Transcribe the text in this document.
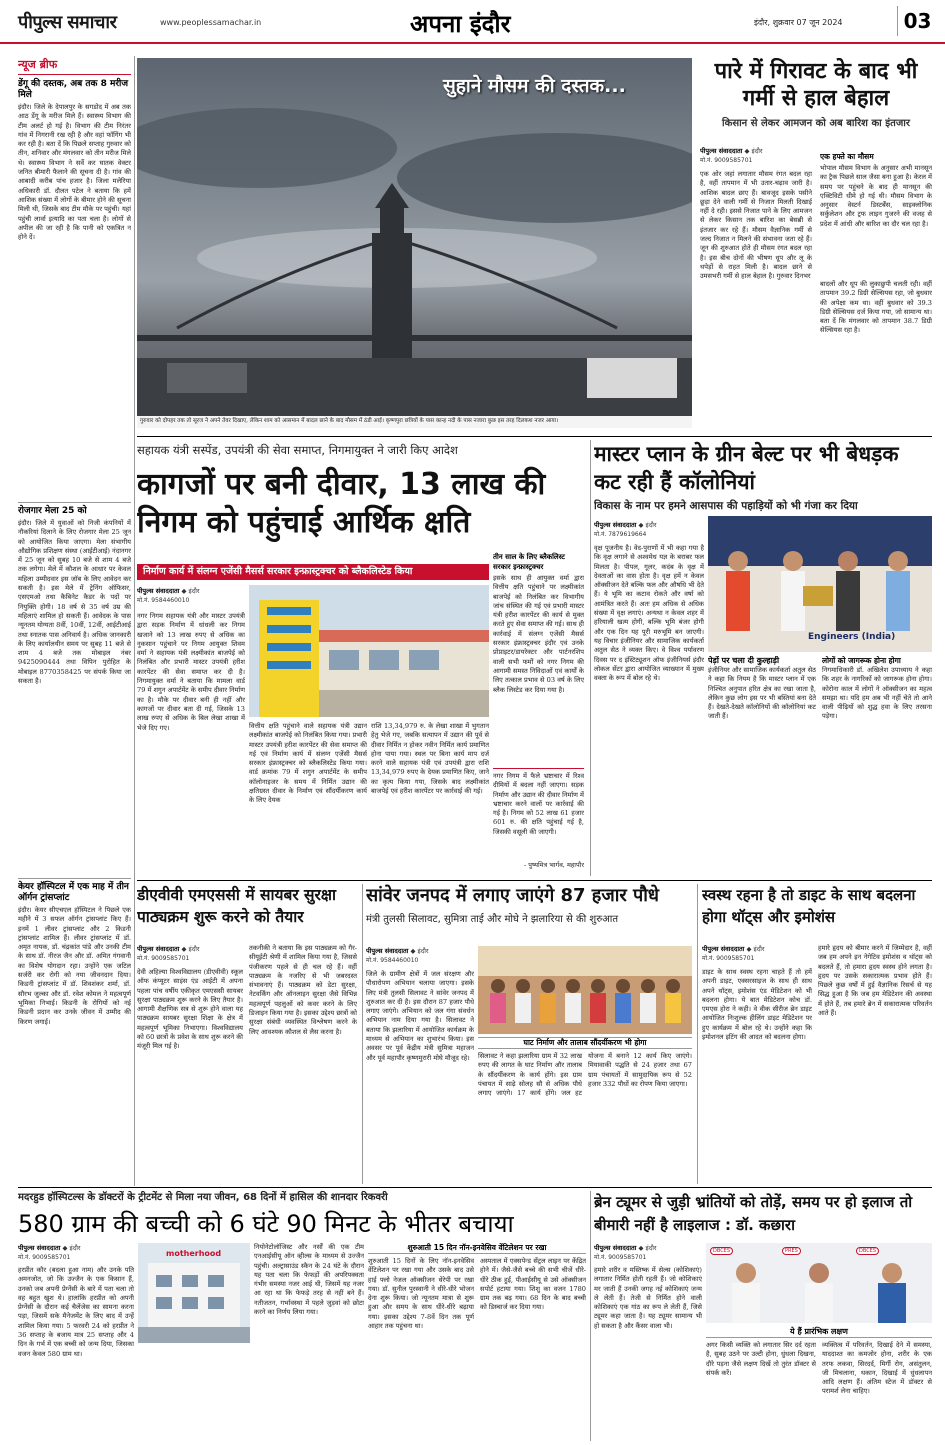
पीपुल्स समाचार	www.peoplessamachar.in	अपना इंदौर	इंदौर, शुक्रवार 07 जून 2024	03
न्यूज ब्रीफ
डेंगू की दस्तक, अब तक 8 मरीज मिले
इंदौर। जिले के देपालपुर के सगडोद में अब तक आठ डेंगू के मरीज मिले हैं। स्वास्थ्य विभाग की टीम अलर्ट हो गई है। विभाग की टीम निरंतर गांव में निगरानी रख रही है और वहां फॉगिंग भी कर रही है। बता दें कि पिछले सप्ताह गुरुवार को तीन, शनिवार और मंगलवार को तीन मरीज मिले थे। स्वास्थ्य विभाग ने सर्वे कर घातक वेक्टर जनित बीमारी फैलाने की सूचना दी है। गांव की आबादी करीब पांच हजार है। जिला मलेरिया अधिकारी डॉ. दौलत पटेल ने बताया कि हमें आशिक संख्या में लोगों के बीमार होने की सूचना मिली थी, जिसके बाद टीम मौके पर पहुंची। यहां पहुंची लार्वा इत्यादि का पता चला है। लोगों से अपील की जा रही है कि पानी को एकत्रित न होने दें।
रोजगार मेला 25 को
इंदौर। जिले में युवाओं को निजी कंपनियों में नौकरियां दिलाने के लिए रोजगार मेला 25 जून को आयोजित किया जाएगा। मेला संभागीय औद्योगिक प्रशिक्षण संस्था (आईटीआई) नंदानगर में 25 जून को सुबह 10 बजे से शाम 4 बजे तक लगेगा। मेले में कौशल के आधार पर केवल महिला उम्मीदवार इस जॉब के लिए आवेदन कर सकती है। इस मेले में ट्रेनिंग ऑफिसर, एसएमओ तथा कैबिनेट कैडर के पदों पर नियुक्ति होगी। 18 वर्ष से 35 वर्ष उम्र की महिलाएं शामिल हो सकती हैं। आवेदक के पास न्यूनतम योग्यता 8वीं, 10वीं, 12वीं, आईटीआई तथा स्नातक पास अनिवार्य है। अधिक जानकारी के लिए कार्यालयीन समय पर सुबह 11 बजे से शाम 4 बजे तक मोबाइल नंबर 9425090444 तथा विपिन पुरोहित के मोबाइल 8770358425 पर संपर्क किया जा सकता है।
केयर हॉस्पिटल में एक माह में तीन ऑर्गन ट्रांसप्लांट
इंदौर। केयर सीएचएल हॉस्पिटल ने पिछले एक महीने में 3 सफल ऑर्गन ट्रांसप्लांट किए हैं। इनमें 1 लीवर ट्रांसप्लांट और 2 किडनी ट्रांसप्लांट शामिल हैं। लीवर ट्रांसप्लांट में डॉ. अमृत नायक, डॉ. चंद्रकांत पांडे और उनकी टीम के साथ डॉ. नीरज जैन और डॉ. अमित गंगवानी का विशेष योगदान रहा। उन्होंने एक जटिल सर्जरी कर रोगी को नया जीवनदान दिया। किडनी ट्रांसप्लांट में डॉ. शिवशंकर शर्मा, डॉ. सौरभ जुल्का और डॉ. रवेश कोमल ने महत्वपूर्ण भूमिका निभाई। किडनी के रोगियों को नई किडनी प्रदान कर उनके जीवन में उम्मीद की किरण जगाई।
सुहाने मौसम की दस्तक...
गुरुवार को दोपहर तक तो सूरज ने अपने तेवर दिखाए, लेकिन शाम को आसमान में बादल छाने के बाद मौसम में ठंडी आई। कृष्णपुरा छत्रियों के पास कान्ह नदी के पास नजारा कुछ इस तरह दिलकश नजर आया।
पारे में गिरावट के बाद भी गर्मी से हाल बेहाल
किसान से लेकर आमजन को अब बारिश का इंतजार
पीपुल्स संवाददाता ◆ इंदौर
मो.नं. 9009585701
एक ओर जहां लगातार मौसम रंगत बदल रहा है, वहीं तापमान में भी उतार-चढ़ाव जारी है। आशिक बादल छाए हैं। बावजूद इसके पसीने छूड़ा देने वाली गर्मी से निजात मिलती दिखाई नहीं दे रही। इससे निजात पाने के लिए आमजन से लेकर किसान तक बारिश का बेसब्री से इंतजार कर रहे हैं। मौसम वैज्ञानिक गर्मी से जल्द निजात न मिलने की संभावना जता रहे हैं। जून की शुरुआत होते ही मौसम रंगत बदल रहा है। इस बीच दोनों की भीषण धूप और लू के थपेड़ों से राहत मिली है। बादल छाने से उमसभरी गर्मी से हाल बेहाल है। गुरुवार दिनभर
एक हफ्ते का मौसम
भोपाल मौसम विभाग के अनुसार अभी मानसून का ट्रैक पिछले साल जैसा बना हुआ है। केरल में समय पर पहुंचने के बाद ही मानसून की एक्टिविटी धीमे हो गई थी। मौसम विभाग के अनुसार वेस्टर्न डिस्टर्बेंस, साइक्लोनिक सर्कुलेशन और ट्रफ लाइन गुजरने की वजह से प्रदेश में आंधी और बारिश का दौर चल रहा है।
बादलों और धूप की लुकाछुपी चलती रही। वहीं तापमान 39.2 डिग्री सेल्सियस रहा, जो बुधवार की अपेक्षा कम था। वहीं बुधवार को 39.3 डिग्री सेल्सियस दर्ज किया गया, जो सामान्य था। बता दें कि मंगलवार को तापमान 38.7 डिग्री सेल्सियस रहा है।
सहायक यंत्री सस्पेंड, उपयंत्री की सेवा समाप्त, निगमायुक्त ने जारी किए आदेश
कागजों पर बनी दीवार, 13 लाख की निगम को पहुंचाई आर्थिक क्षति
निर्माण कार्य में संलग्न एजेंसी मैसर्स सरकार इन्फ्रास्ट्रक्चर को ब्लैकलिस्टेड किया
पीपुल्स संवाददाता ◆ इंदौर
मो.नं. 9584460010
नगर निगम सहायक यंत्री और मास्टर उपयंत्री द्वारा सड़क निर्माण में धांधली कर निगम खजाने को 13 लाख रुपए से अधिक का नुकसान पहुंचाने पर निगम आयुक्त शिवम वर्मा ने सहायक यंत्री लक्ष्मीकांत बाजपेई को निलंबित और प्रभारी मास्टर उपयंत्री हरीश कारपेंटर की सेवा समाप्त कर दी है। निगमायुक्त वर्मा ने बताया कि मामला वार्ड 79 में शगुन अपार्टमेंट के समीप दीवार निर्माण का है। मौके पर दीवार बनी ही नहीं और कागजों पर दीवार बता दी गई, जिसके 13 लाख रुपए से अधिक के बिल लेखा शाखा में भेजे दिए गए।	वित्तीय क्षति पहुंचाने वाले सहायक यंत्री उद्यान लक्ष्मीकांत बाजपेई को निलंबित किया गया। प्रभारी मास्टर उपयंत्री हरीश कारपेंटर की सेवा समाप्त की गई एवं निर्माण कार्य में संलग्न एजेंसी मैसर्स सरकार इंफ्रास्ट्रक्चर को ब्लैकलिस्टेड किया गया। वार्ड क्रमांक 79 में शगुन अपार्टमेंट के समीप कॉलोनाइजर के समय में निर्मित उद्यान की क्षतिग्रस्त दीवार के निर्माण एवं सौंदर्यीकरण कार्य के लिए देयक
राशि 13,34,979 रु. के लेखा शाखा में भुगतान हेतु भेजे गए, जबकि सत्यापन में उद्यान की पूर्व से दीवार निर्मित न होकर नवीन निर्मित कार्य प्रमाणित होना पाया गया। स्थल पर बिना कार्य माप दर्ज करने वाले सहायक यंत्री एवं उपयंत्री द्वारा राशि 13,34,979 रुपए के देयक प्रमाणित किए, जाने का कृत्य किया गया, जिसके बाद लक्ष्मीकांत बाजपेई एवं हरीश कारपेंटर पर कार्रवाई की गई।
तीन साल के लिए ब्लैकलिस्ट सरकार इन्फ्रास्ट्रक्चर
इसके साथ ही आयुक्त वर्मा द्वारा वित्तीय क्षति पहुंचाने पर लक्ष्मीकांत बाजपेई को निलंबित कर विभागीय जांच संस्थित की गई एवं प्रभारी मास्टर यंत्री हरीश कारपेंटर की कार्य से मुक्त करते हुए सेवा समाप्त की गई। साथ ही कार्रवाई में संलग्न एजेंसी मैसर्स सरकार इंफ्रास्ट्रक्चर इंदौर एवं उनके प्रोप्राइटर/डायरेक्टर और पार्टनरशिप वाली सभी फर्मों को नगर निगम की आगामी समस्त निविदाओं एवं कार्यों के लिए तत्काल प्रभाव से 03 वर्ष के लिए ब्लैक लिस्टेड कर दिया गया है।
नगर निगम में फैले भ्रष्टाचार में रिश्व दीमियों में बदला नहीं जाएगा। सड़क निर्माण और उद्यान की दीवार निर्माण में भ्रष्टाचार करने वालों पर कार्रवाई की गई है। निगम को 52 लाख 61 हजार 601 रु. की क्षति पहुंचाई गई है, जिसकी वसूली की जाएगी।
- पुष्यमित्र भार्गव, महापौर
मास्टर प्लान के ग्रीन बेल्ट पर भी बेधड़क कट रही हैं कॉलोनियां
विकास के नाम पर हमने आसपास की पहाड़ियों को भी गंजा कर दिया
पीपुल्स संवाददाता ◆ इंदौर
मो.नं. 7879619664
वृक्ष पूजनीय है। वेद-पुराणों में भी कहा गया है कि वृक्ष लगाने से अश्वमेध यज्ञ के बराबर फल मिलता है। पीपल, गूलर, कदंब के वृक्ष में देवताओं का वास होता है। वृक्ष हमें न केवल ऑक्सीजन देते बल्कि फल और औषधि भी देते हैं। ये भूमि का कटाव रोकते और वर्षा को आमंत्रित करते हैं। अतः हम अधिक से अधिक संख्या में वृक्ष लगाएं। अन्यथा न केवल शहर में हरियाली खत्म होगी, बल्कि भूमि बंजर होगी और एक दिन यह पूरी मरुभूमि बन जाएगी। यह विचार इंजीनियर और सामाजिक कार्यकर्ता अतुल सेठ ने व्यक्त किए। वे विश्व पर्यावरण दिवस पर द इंस्टिट्यूशन ऑफ इंजीनियर्स इंदौर लोकल सेंटर द्वारा आयोजित व्याख्यान में मुख्य वक्ता के रूप में बोल रहे थे।
Engineers (India)
पेड़ों पर चला दी कुल्हाड़ी
इंजीनियर और सामाजिक कार्यकर्ता अतुल सेठ ने कहा कि नियम है कि मास्टर प्लान में एक निश्चित अनुपात हरित क्षेत्र का रखा जाता है, लेकिन कुछ लोग इस पर भी बस्तियां बना देते हैं। देखते-देखते कॉलोनियों की कॉलोनियां कट जाती हैं।
लोगों को जागरूक होना होगा
निगमाधिकारी डॉ. अखिलेश उपाध्याय ने कहा कि शहर के नागरिकों को जागरूक होना होगा। कोरोना काल में लोगों ने ऑक्सीजन का महत्व समझा था। यदि हम अब भी नहीं चेते तो आने वाली पीढ़ियों को शुद्ध हवा के लिए तरसना पड़ेगा।
डीएवीवी एमएससी में सायबर सुरक्षा पाठ्यक्रम शुरू करने को तैयार
पीपुल्स संवाददाता ◆ इंदौर
मो.नं. 9009585701
देवी अहिल्या विश्वविद्यालय (डीएवीवी) स्कूल ऑफ कंप्यूटर साइंस एंड आईटी में अपना पहला पांच वर्षीय एकीकृत एमएससी सायबर सुरक्षा पाठ्यक्रम शुरू करने के लिए तैयार है। आगामी शैक्षणिक सत्र से शुरू होने वाला यह पाठ्यक्रम सायबर सुरक्षा शिक्षा के क्षेत्र में महत्वपूर्ण भूमिका निभाएगा। विश्वविद्यालय को 60 छात्रों के प्रवेश के साथ शुरू करने की मंजूरी मिल गई है।
तकनीकी ने बताया कि इस पाठ्यक्रम को गैर-सीयूईटी श्रेणी में शामिल किया गया है, जिससे पंजीकरण पहले से ही चल रहे हैं। वहीं पाठ्यक्रम के नजरिए से भी जबरदस्त संभावनाएं हैं। पाठ्यक्रम को डेटा सुरक्षा, नेटवर्किंग और ऑनलाइन सुरक्षा जैसे विभिन्न महत्वपूर्ण पहलुओं को कवर करने के लिए डिजाइन किया गया है। इसका उद्देश्य छात्रों को सुरक्षा संबंधी व्यवस्थित विश्लेषण करने के लिए आवश्यक कौशल से लैस करना है।
सांवेर जनपद में लगाए जाएंगे 87 हजार पौधे
मंत्री तुलसी सिलावट, सुमित्रा ताई और मोघे ने झलारिया से की शुरुआत
पीपुल्स संवाददाता ◆ इंदौर
मो.नं. 9584460010
जिले के ग्रामीण क्षेत्रों में जल संरक्षण और पौधारोपण अभियान चलाया जाएगा। इसके लिए मंत्री तुलसी सिलावट ने सांवेर जनपद में शुरुआत कर दी है। इस दौरान 87 हजार पौधे लगाए जाएंगे। अभियान को जल गंगा संवर्धन अभियान नाम दिया गया है। सिलावट ने बताया कि झलारिया में आयोजित कार्यक्रम के माध्यम से अभियान का शुभारंभ किया। इस अवसर पर पूर्व केंद्रीय मंत्री सुमित्रा महाजन और पूर्व महापौर कृष्णमुरारी मोघे मौजूद रहे।
घाट निर्माण और तालाब सौंदर्यीकरण भी होगा
सिलावट ने कहा झलारिया ग्राम में 32 लाख रुपए की लागत के घाट निर्माण और तालाब के सौंदर्यीकरण के कार्य होंगे। इस ग्राम पंचायत में साढ़े सोलह सौ से अधिक पौधे लगाए जाएंगे। 17 कार्य होंगे। जल हट योजना में बनाने 12 कार्य किए जाएंगे। मियावाकी पद्धति से 24 हजार तथा 67 ग्राम पंचायतों में सामुदायिक रूप से 52 हजार 332 पौधों का रोपण किया जाएगा।
स्वस्थ रहना है तो डाइट के साथ बदलना होगा थॉट्स और इमोशंस
पीपुल्स संवाददाता ◆ इंदौर
मो.नं. 9009585701
डाइट के साथ स्वस्थ रहना चाहते हैं तो हमें अपनी डाइट, एक्सरसाइज के साथ ही साथ अपने थॉट्स, इमोशंस एंड मेडिटेशन को भी बदलना होगा। ये बात मेडिटेशन कोच डॉ. एमएस होरा ने कही। वे वीक सीरीज ब्रेन डाइट आयोजित निःशुल्क हीलिंग डाइट मेडिटेशन पर हुए कार्यक्रम में बोल रहे थे। उन्होंने कहा कि इमोशनल इटिंग की आदत को बदलना होगा।
हमारे हृदय को बीमार करने में जिम्मेदार है, वहीं जब हम अपने इन नेगेटिव इमोशंस व थॉट्स को बदलते हैं, तो हमारा हृदय स्वस्थ होने लगता है। हृदय पर उसके सकारात्मक प्रभाव होते हैं। पिछले कुछ वर्षों में हुई वैज्ञानिक रिसर्च से यह सिद्ध हुआ है कि जब हम मेडिटेशन की अवस्था में होते हैं, तब हमारे ब्रेन में सकारात्मक परिवर्तन आते हैं।
मदरहुड हॉस्पिटल्स के डॉक्टरों के ट्रीटमेंट से मिला नया जीवन, 68 दिनों में हासिल की शानदार रिकवरी
580 ग्राम की बच्ची को 6 घंटे 90 मिनट के भीतर बचाया
पीपुल्स संवाददाता ◆ इंदौर
मो.नं. 9009585701
हरप्रीत कौर (बदला हुआ नाम) और उनके पति अमनजोत, जो कि उज्जैन के एक किसान हैं, उनको जब अपनी प्रेग्नेंसी के बारे में पता चला तो वह बहुत खुश थे। हालांकि हरप्रीत को अपनी प्रेग्नेंसी के दौरान कई चैलेंजेस का सामना करना पड़ा, जिसमें सके मैनेजमेंट के लिए बाद में उन्हें शामिल किया गया। 5 फरवरी 24 को हरप्रीत ने 36 सप्ताह के बजाय मात्र 25 सप्ताह और 4 दिन के गर्भ में एक बच्ची को जन्म दिया, जिसका वजन केवल 580 ग्राम था।
motherhood
नियोनेटोलॉजिस्ट और नर्सों की एक टीम एनआईसीयू ऑन व्हील्स के माध्यम से उज्जैन पहुंची। अल्ट्रासाउंड स्कैन के 24 घंटे के दौरान यह पता चला कि फेफड़ों की अपरिपक्वता गंभीर समस्या नजर आई थी, जिसमें यह नजर आ रहा था कि फेफड़े तरह से नहीं बने हैं। नतीजतन, गर्भावस्था में पहले जुड़वां को छोटा करने का निर्णय लिया गया।
शुरुआती 15 दिन नॉन-इनवेसिव वेंटिलेशन पर रखा
शुरुआती 15 दिनों के लिए नॉन-इनवेसिव वेंटिलेशन पर रखा गया और उसके बाद उसे हाई फ्लो नेजल ऑक्सीजन थेरेपी पर रखा गया। डॉ. सुनील पुरस्वानी ने धीरे-धीरे भोजन देना शुरू किया। जो न्यूनतम मात्रा से शुरू हुआ और समय के साथ धीरे-धीरे बढ़ाया गया। इसका उद्देश्य 7-8वें दिन तक पूर्ण आहार तक पहुंचना था।
अस्पताल में एक्सपेन्ड सेंट्रल लाइन पर केंद्रित होने में। जैसे-जैसे बच्चे की सभी चीजें धीरे-धीरे ठीक हुईं, पीआईसीयू से उसे ऑक्सीजन सपोर्ट हटाया गया। शिशु का वजन 1780 ग्राम तक बढ़ गया। 68 दिन के बाद बच्ची को डिस्चार्ज कर दिया गया।
ब्रेन ट्यूमर से जुड़ी भ्रांतियों को तोड़ें, समय पर हो इलाज तो बीमारी नहीं है लाइलाज : डॉ. कछारा
पीपुल्स संवाददाता ◆ इंदौर
मो.नं. 9009585701
हमारे शरीर व मस्तिष्क में सेल्स (कोशिकाएं) लगातार निर्मित होती रहती हैं। जो कोशिकाएं मर जाती हैं उनकी जगह नई कोशिकाएं जन्म ले लेती हैं। तेजी से निर्मित होने वाली कोशिकाएं एक गांठ का रूप ले लेती हैं, जिसे ट्यूमर कहा जाता है। यह ट्यूमर सामान्य भी हो सकता है और कैंसर वाला भी।
DBCES	PRES	DBCES
ये हैं प्रारंभिक लक्षण
अगर किसी व्यक्ति को लगातार सिर दर्द रहता है, सुबह उठने पर उल्टी होना, धुंधला दिखना, दौरे पड़ना जैसे लक्षण दिखें तो तुरंत डॉक्टर से संपर्क करें।
व्यक्तित्व में परिवर्तन, दिखाई देने में समस्या, याददाश्त का कमजोर होना, शरीर के एक तरफ लकवा, सिरदर्द, मिर्गी रोग, असंतुलन, जी मिचलाना, थकान, दिखाई में धुंधलापन आदि लक्षण हैं। अंतिम स्टेज में डॉक्टर से परामर्श लेना चाहिए।
